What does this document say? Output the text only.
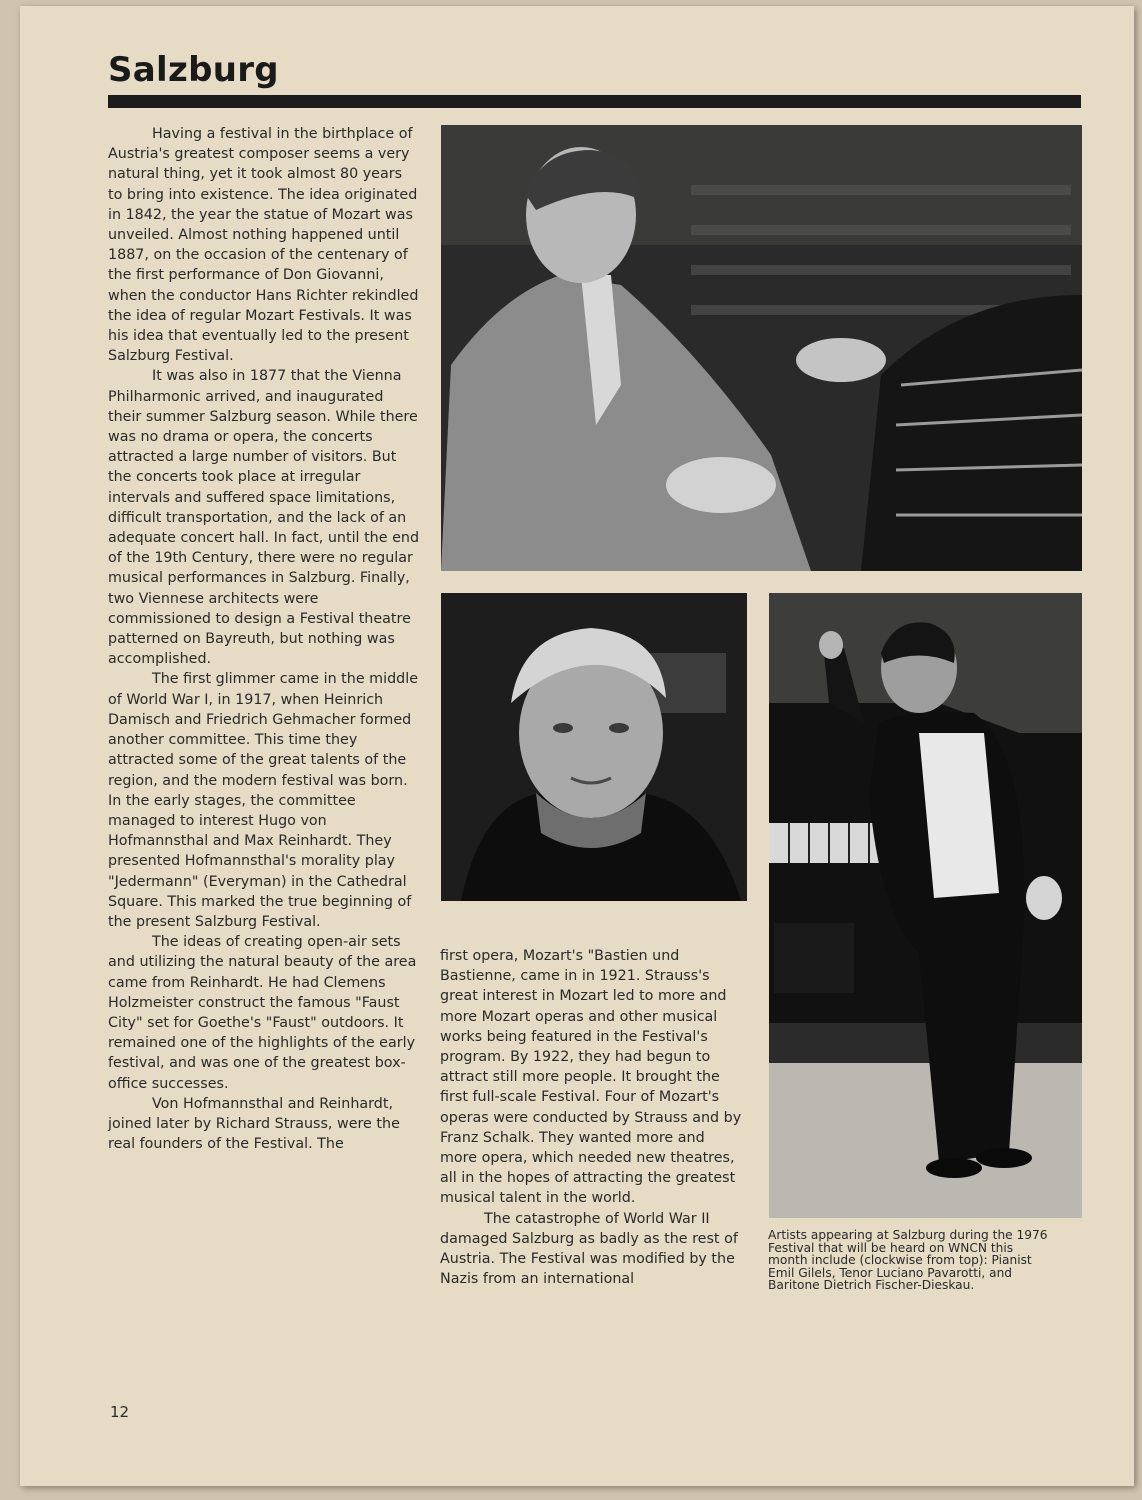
Salzburg

Having a festival in the birthplace of Austria's greatest composer seems a very natural thing, yet it took almost 80 years to bring into existence. The idea originated in 1842, the year the statue of Mozart was unveiled. Almost nothing happened until 1887, on the occasion of the centenary of the first performance of Don Giovanni, when the conductor Hans Richter rekindled the idea of regular Mozart Festivals. It was his idea that eventually led to the present Salzburg Festival.

It was also in 1877 that the Vienna Philharmonic arrived, and inaugurated their summer Salzburg season. While there was no drama or opera, the concerts attracted a large number of visitors. But the concerts took place at irregular intervals and suffered space limitations, difficult transportation, and the lack of an adequate concert hall. In fact, until the end of the 19th Century, there were no regular musical performances in Salzburg. Finally, two Viennese architects were commissioned to design a Festival theatre patterned on Bayreuth, but nothing was accomplished.

The first glimmer came in the middle of World War I, in 1917, when Heinrich Damisch and Friedrich Gehmacher formed another committee. This time they attracted some of the great talents of the region, and the modern festival was born. In the early stages, the committee managed to interest Hugo von Hofmannsthal and Max Reinhardt. They presented Hofmannsthal's morality play "Jedermann" (Everyman) in the Cathedral Square. This marked the true beginning of the present Salzburg Festival.

The ideas of creating open-air sets and utilizing the natural beauty of the area came from Reinhardt. He had Clemens Holzmeister construct the famous "Faust City" set for Goethe's "Faust" outdoors. It remained one of the highlights of the early festival, and was one of the greatest box-office successes.

Von Hofmannsthal and Reinhardt, joined later by Richard Strauss, were the real founders of the Festival. The

first opera, Mozart's "Bastien und Bastienne, came in in 1921. Strauss's great interest in Mozart led to more and more Mozart operas and other musical works being featured in the Festival's program. By 1922, they had begun to attract still more people. It brought the first full-scale Festival. Four of Mozart's operas were conducted by Strauss and by Franz Schalk. They wanted more and more opera, which needed new theatres, all in the hopes of attracting the greatest musical talent in the world.

The catastrophe of World War II damaged Salzburg as badly as the rest of Austria. The Festival was modified by the Nazis from an international

Artists appearing at Salzburg during the 1976 Festival that will be heard on WNCN this month include (clockwise from top): Pianist Emil Gilels, Tenor Luciano Pavarotti, and Baritone Dietrich Fischer-Dieskau.
12
